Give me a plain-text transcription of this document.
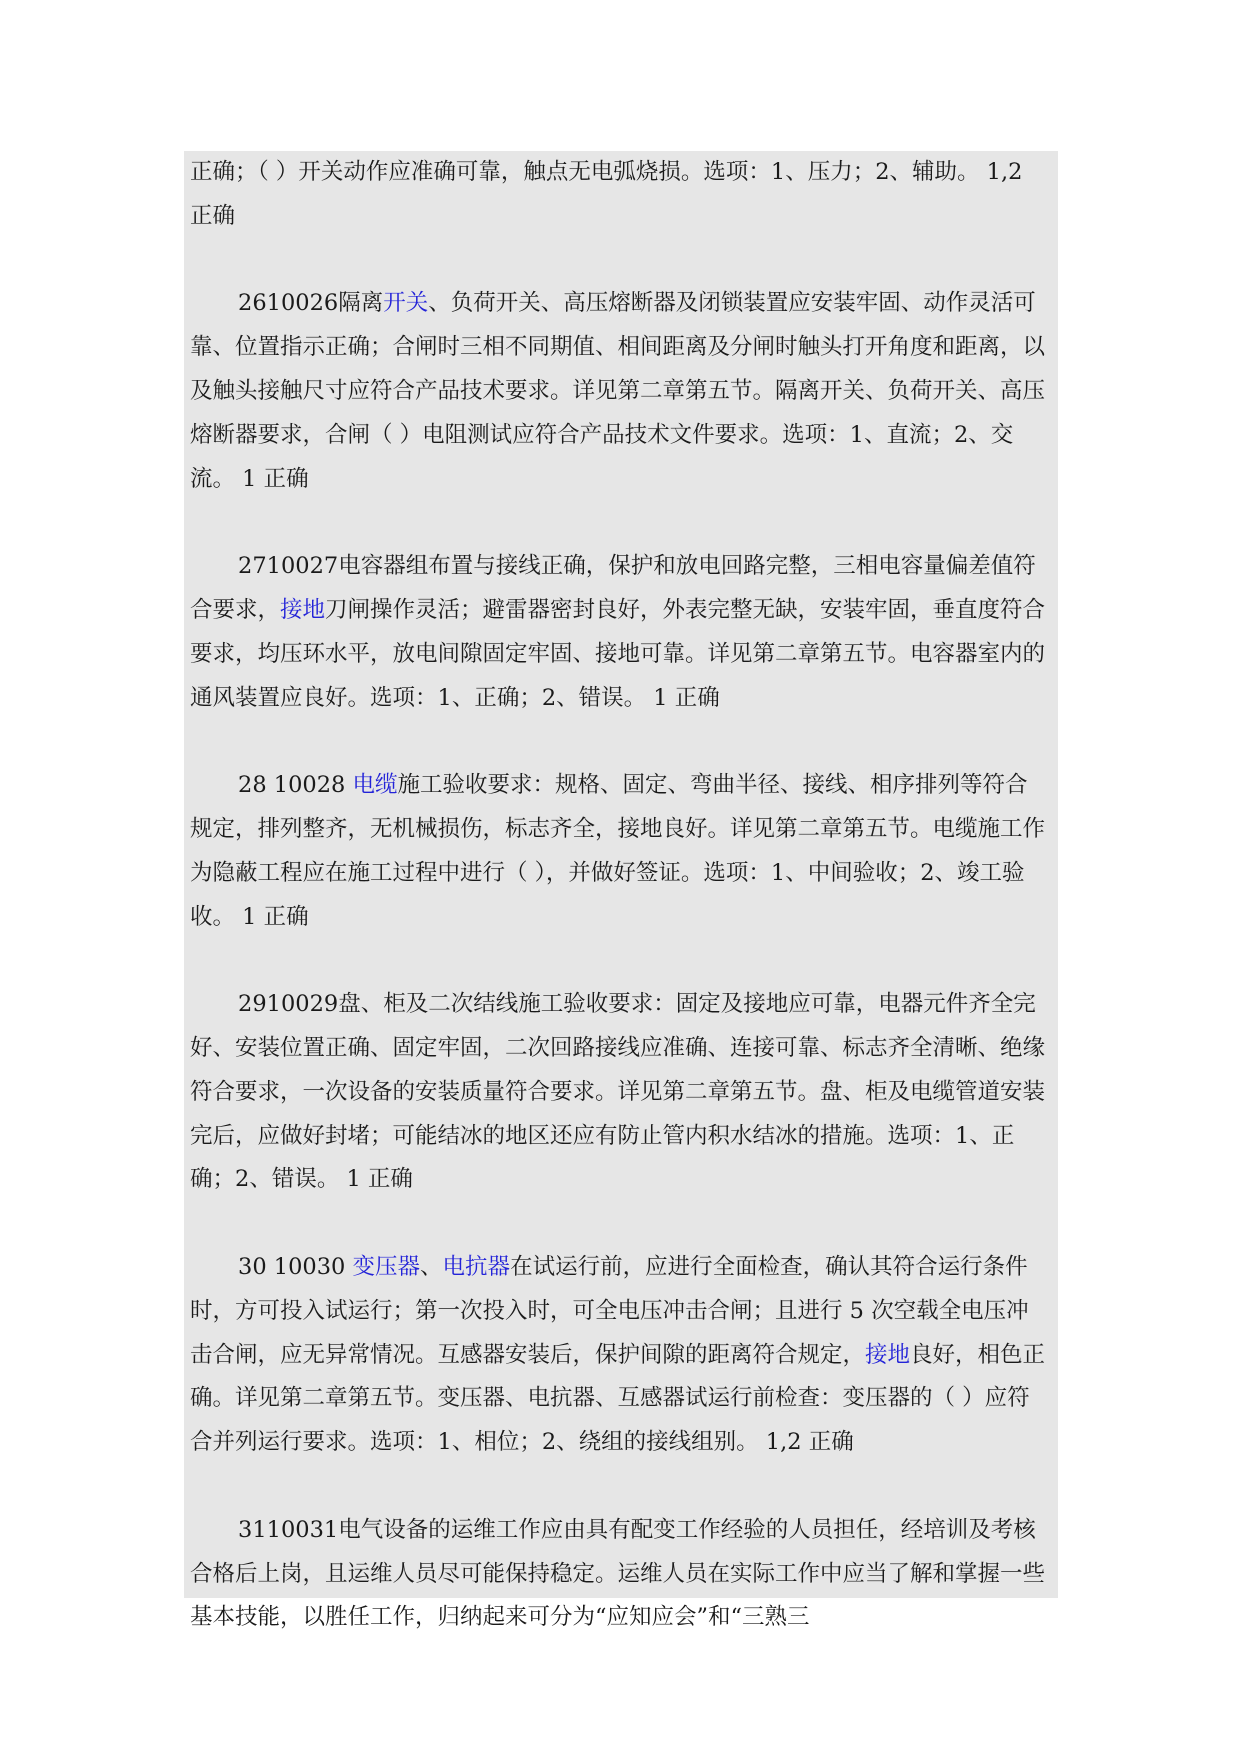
正确；（ ）开关动作应准确可靠，触点无电弧烧损。选项：1、压力；2、辅助。 1,2 正确

2610026隔离开关、负荷开关、高压熔断器及闭锁装置应安装牢固、动作灵活可靠、位置指示正确；合闸时三相不同期值、相间距离及分闸时触头打开角度和距离，以及触头接触尺寸应符合产品技术要求。详见第二章第五节。隔离开关、负荷开关、高压熔断器要求，合闸（ ）电阻测试应符合产品技术文件要求。选项：1、直流；2、交流。 1 正确

2710027电容器组布置与接线正确，保护和放电回路完整，三相电容量偏差值符合要求，接地刀闸操作灵活；避雷器密封良好，外表完整无缺，安装牢固，垂直度符合要求，均压环水平，放电间隙固定牢固、接地可靠。详见第二章第五节。电容器室内的通风装置应良好。选项：1、正确；2、错误。 1 正确

28 10028 电缆施工验收要求：规格、固定、弯曲半径、接线、相序排列等符合规定，排列整齐，无机械损伤，标志齐全，接地良好。详见第二章第五节。电缆施工作为隐蔽工程应在施工过程中进行（ ），并做好签证。选项：1、中间验收；2、竣工验收。 1 正确

2910029盘、柜及二次结线施工验收要求：固定及接地应可靠，电器元件齐全完好、安装位置正确、固定牢固，二次回路接线应准确、连接可靠、标志齐全清晰、绝缘符合要求，一次设备的安装质量符合要求。详见第二章第五节。盘、柜及电缆管道安装完后，应做好封堵；可能结冰的地区还应有防止管内积水结冰的措施。选项：1、正确；2、错误。 1 正确

30 10030 变压器、电抗器在试运行前，应进行全面检查，确认其符合运行条件时，方可投入试运行；第一次投入时，可全电压冲击合闸；且进行 5 次空载全电压冲击合闸，应无异常情况。互感器安装后，保护间隙的距离符合规定，接地良好，相色正确。详见第二章第五节。变压器、电抗器、互感器试运行前检查：变压器的（ ）应符合并列运行要求。选项：1、相位；2、绕组的接线组别。 1,2 正确

3110031电气设备的运维工作应由具有配变工作经验的人员担任，经培训及考核合格后上岗，且运维人员尽可能保持稳定。运维人员在实际工作中应当了解和掌握一些基本技能，以胜任工作，归纳起来可分为“应知应会”和“三熟三
